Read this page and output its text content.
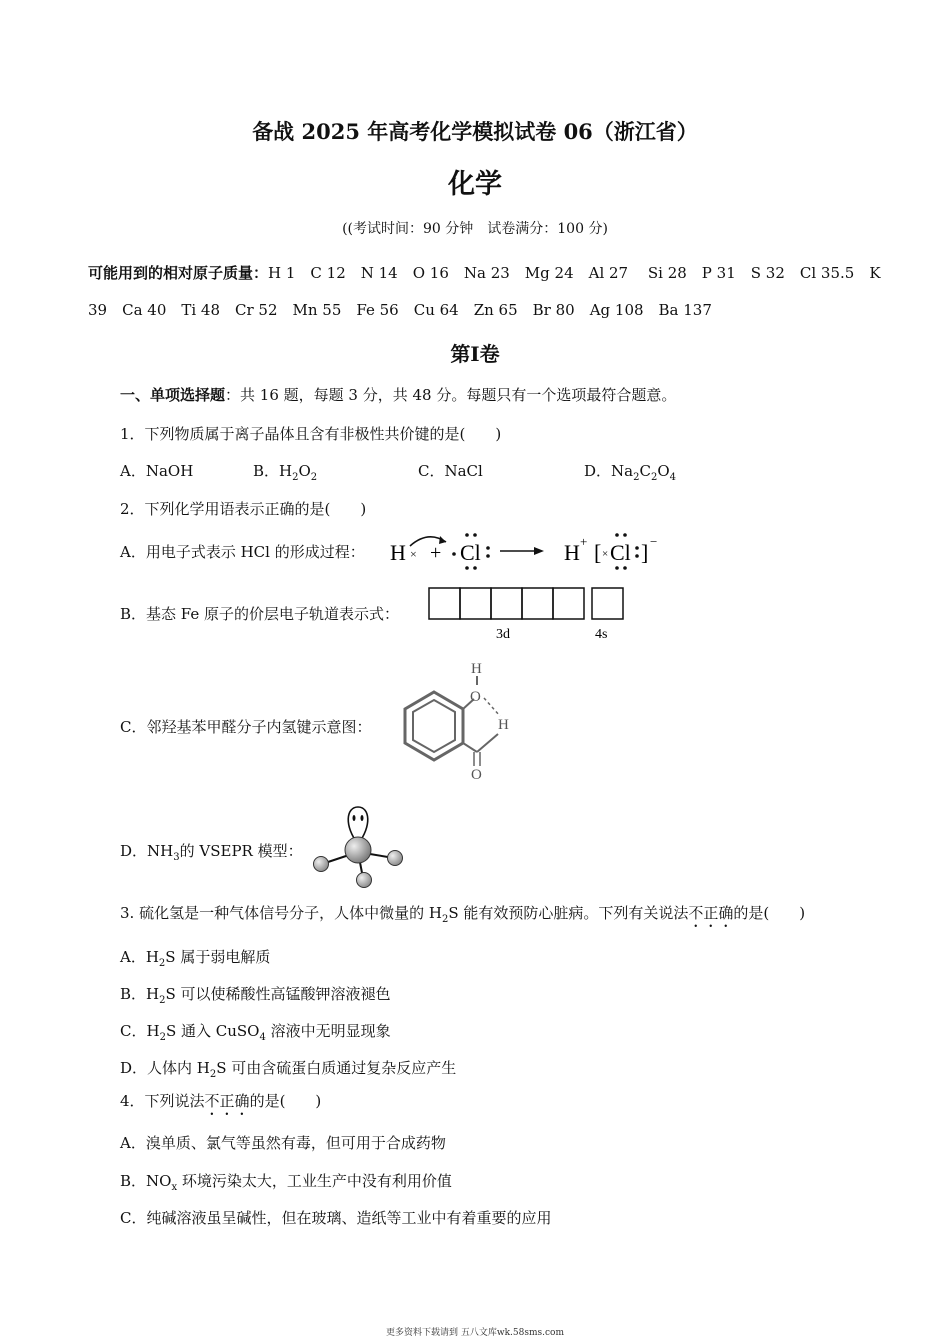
备战 2025 年高考化学模拟试卷 06（浙江省）
化学
((考试时间：90 分钟　试卷满分：100 分)
可能用到的相对原子质量：H 1　C 12　N 14　O 16　Na 23　Mg 24　Al 27　 Si 28　P 31　S 32　Cl 35.5　K
39　Ca 40　Ti 48　Cr 52　Mn 55　Fe 56　Cu 64　Zn 65　Br 80　Ag 108　Ba 137
第Ⅰ卷
一、单项选择题：共 16 题，每题 3 分，共 48 分。每题只有一个选项最符合题意。
1．下列物质属于离子晶体且含有非极性共价键的是(　　)
A．NaOH	B．$H_2O_2$	C．NaCl	D．$Na_2C_2O_4$
2．下列化学用语表示正确的是(　　)
A．用电子式表示 HCl 的形成过程： H × + Cl	H + [ × Cl ] −
B．基态 Fe 原子的价层电子轨道表示式：
3d	4s
C．邻羟基苯甲醛分子内氢键示意图：
O
H
H
O
D．$NH_3$的 VSEPR 模型：
3. 硫化氢是一种气体信号分子，人体中微量的 $H_2S$ 能有效预防心脏病。下列有关说法不正确的是(　　)
A．$H_2S$ 属于弱电解质
B．$H_2S$ 可以使稀酸性高锰酸钾溶液褪色
C．$H_2S$ 通入 CuSO$_4$ 溶液中无明显现象
D．人体内 $H_2S$ 可由含硫蛋白质通过复杂反应产生
4．下列说法不正确的是(　　)
A．溴单质、氯气等虽然有毒，但可用于合成药物
B．$NO_x$ 环境污染太大，工业生产中没有利用价值
C．纯碱溶液虽呈碱性，但在玻璃、造纸等工业中有着重要的应用
更多资料下载请到 五八文库wk.58sms.com
